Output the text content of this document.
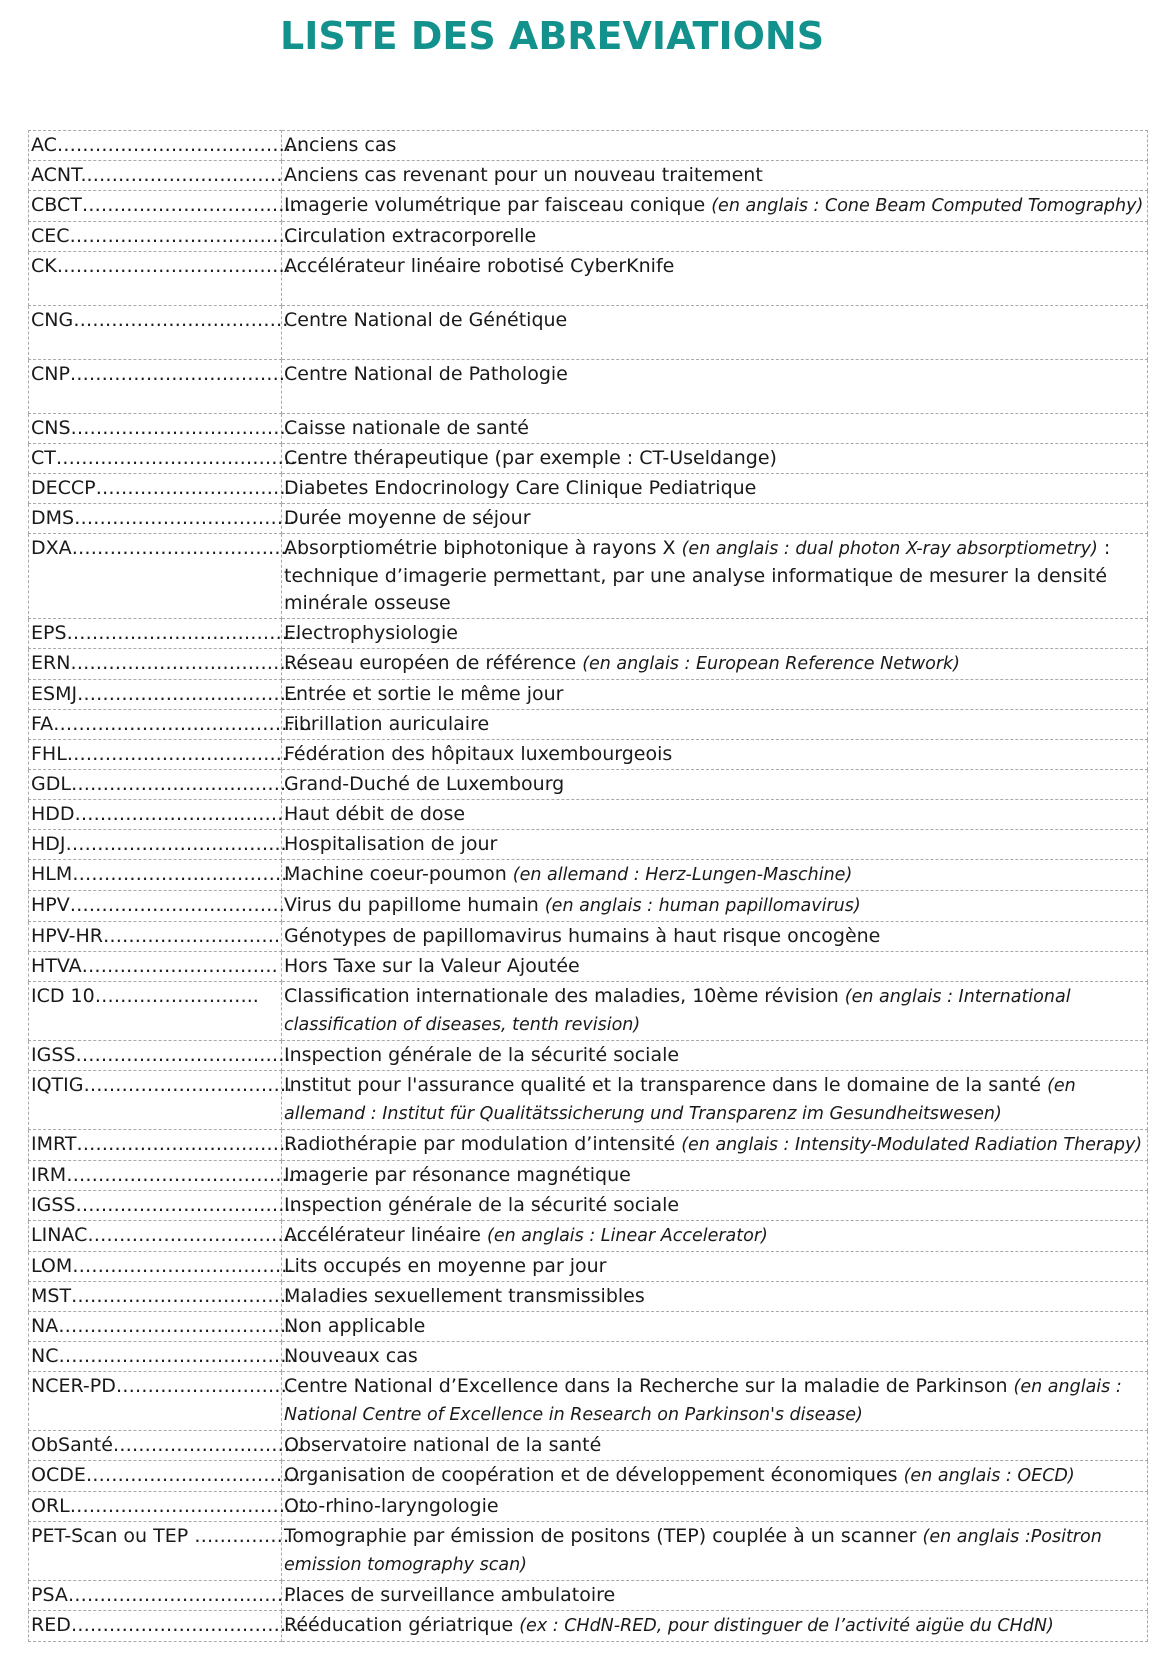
LISTE DES ABREVIATIONS
AC…………………………………	Anciens cas
ACNT..………………………….	Anciens cas revenant pour un nouveau traitement
CBCT…………………………….	Imagerie volumétrique par faisceau conique (en anglais : Cone Beam Computed Tomography)
CEC……………………………….	Circulation extracorporelle
CK……………………………….	Accélérateur linéaire robotisé CyberKnife
CNG…………………………….	Centre National de Génétique
CNP…………………………….	Centre National de Pathologie
CNS……………………………..	Caisse nationale de santé
CT…………………………………	Centre thérapeutique (par exemple : CT-Useldange)
DECCP………………………….	Diabetes Endocrinology Care Clinique Pediatrique
DMS……………………………..	Durée moyenne de séjour
DXA……………………………..	Absorptiométrie biphotonique à rayons X (en anglais : dual photon X-ray absorptiometry) : technique d’imagerie permettant, par une analyse informatique de mesurer la densité minérale osseuse
EPS……………………………….	Electrophysiologie
ERN……………………………….	Réseau européen de référence (en anglais : European Reference Network)
ESMJ……………………………..	Entrée et sortie le même jour
FA…………………………………..	Fibrillation auriculaire
FHL……………………………..	Fédération des hôpitaux luxembourgeois
GDL……………………………..	Grand-Duché de Luxembourg
HDD…………………………….	Haut débit de dose
HDJ……………………………..	Hospitalisation de jour
HLM……………………………..	Machine coeur-poumon (en allemand : Herz-Lungen-Maschine)
HPV…………………………….	Virus du papillome humain (en anglais : human papillomavirus)
HPV-HR……………………….	Génotypes de papillomavirus humains à haut risque oncogène
HTVA………………………….	Hors Taxe sur la Valeur Ajoutée
ICD 10……………………..	Classification internationale des maladies, 10ème révision (en anglais : International classification of diseases, tenth revision)
IGSS…………………………….	Inspection générale de la sécurité sociale
IQTIG……………………………	Institut pour l'assurance qualité et la transparence dans le domaine de la santé (en allemand : Institut für Qualitätssicherung und Transparenz im Gesundheitswesen)
IMRT……………………………..	Radiothérapie par modulation d’intensité (en anglais : Intensity-Modulated Radiation Therapy)
IRM………………………………..	Imagerie par résonance magnétique
IGSS……………………………..	Inspection générale de la sécurité sociale
LINAC…………………………….	Accélérateur linéaire (en anglais : Linear Accelerator)
LOM……………………………..	Lits occupés en moyenne par jour
MST……………………………..	Maladies sexuellement transmissibles
NA…………………………………	Non applicable
NC………………………………..	Nouveaux cas
NCER-PD……………………….	Centre National d’Excellence dans la Recherche sur la maladie de Parkinson (en anglais : National Centre of Excellence in Research on Parkinson's disease)
ObSanté…………………………	Observatoire national de la santé
OCDE…………………………….	Organisation de coopération et de développement économiques (en anglais : OECD)
ORL………………………………..	Oto-rhino-laryngologie
PET-Scan ou TEP ……………	Tomographie par émission de positons (TEP) couplée à un scanner (en anglais :Positron emission tomography scan)
PSA……………………………….	Places de surveillance ambulatoire
RED……………………………….	Rééducation gériatrique (ex : CHdN-RED, pour distinguer de l’activité aigüe du CHdN)
